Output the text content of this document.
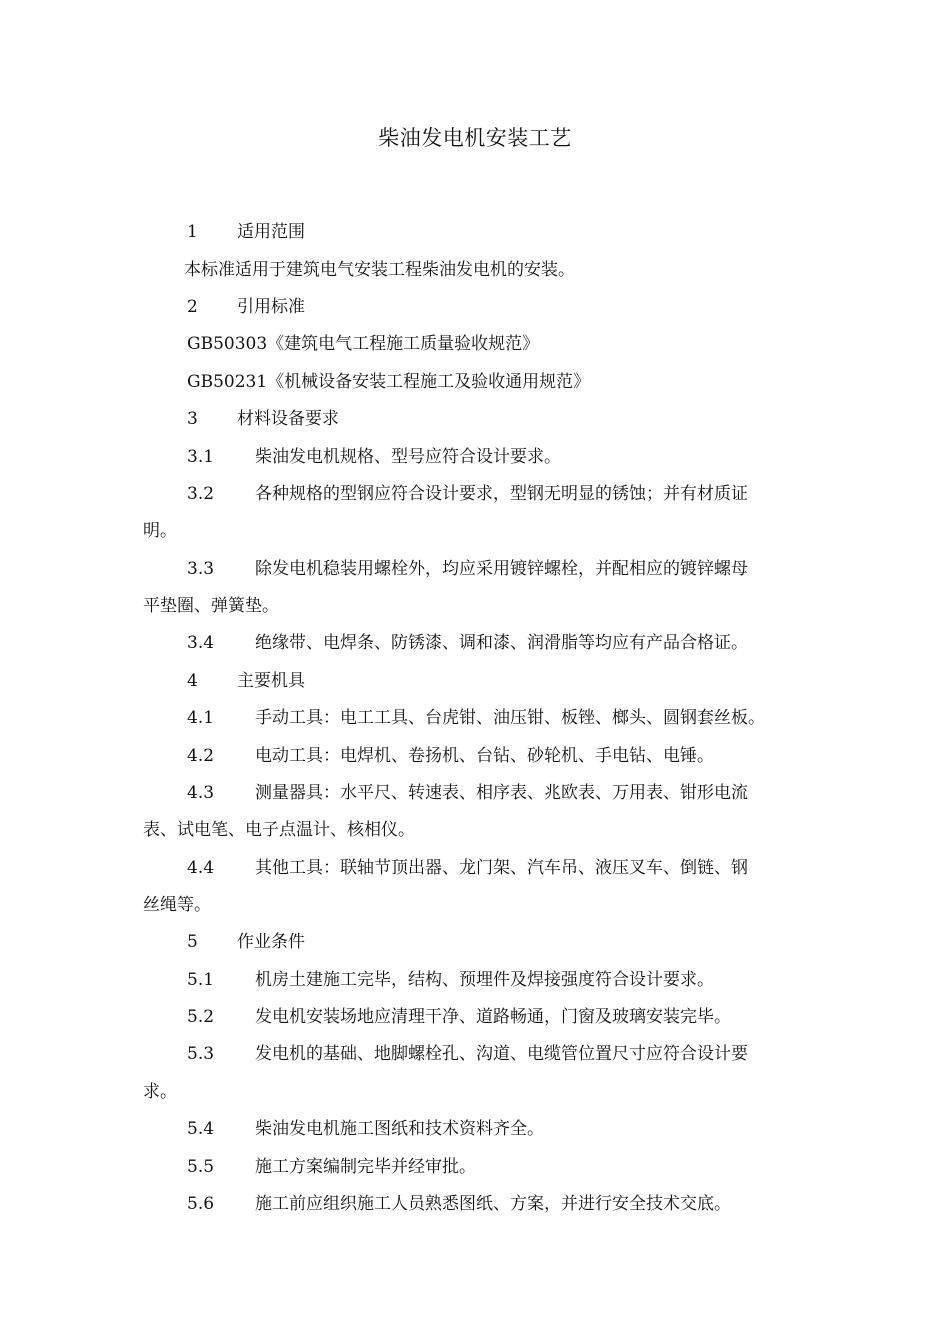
柴油发电机安装工艺
1 适用范围
本标准适用于建筑电气安装工程柴油发电机的安装。
2 引用标准
GB50303《建筑电气工程施工质量验收规范》
GB50231《机械设备安装工程施工及验收通用规范》
3 材料设备要求
3.1 柴油发电机规格、型号应符合设计要求。
3.2 各种规格的型钢应符合设计要求，型钢无明显的锈蚀；并有材质证
明。
3.3 除发电机稳装用螺栓外，均应采用镀锌螺栓，并配相应的镀锌螺母
平垫圈、弹簧垫。
3.4 绝缘带、电焊条、防锈漆、调和漆、润滑脂等均应有产品合格证。
4 主要机具
4.1 手动工具：电工工具、台虎钳、油压钳、板锉、榔头、圆钢套丝板。
4.2 电动工具：电焊机、卷扬机、台钻、砂轮机、手电钻、电锤。
4.3 测量器具：水平尺、转速表、相序表、兆欧表、万用表、钳形电流
表、试电笔、电子点温计、核相仪。
4.4 其他工具：联轴节顶出器、龙门架、汽车吊、液压叉车、倒链、钢
丝绳等。
5 作业条件
5.1 机房土建施工完毕，结构、预埋件及焊接强度符合设计要求。
5.2 发电机安装场地应清理干净、道路畅通，门窗及玻璃安装完毕。
5.3 发电机的基础、地脚螺栓孔、沟道、电缆管位置尺寸应符合设计要
求。
5.4 柴油发电机施工图纸和技术资料齐全。
5.5 施工方案编制完毕并经审批。
5.6 施工前应组织施工人员熟悉图纸、方案，并进行安全技术交底。
